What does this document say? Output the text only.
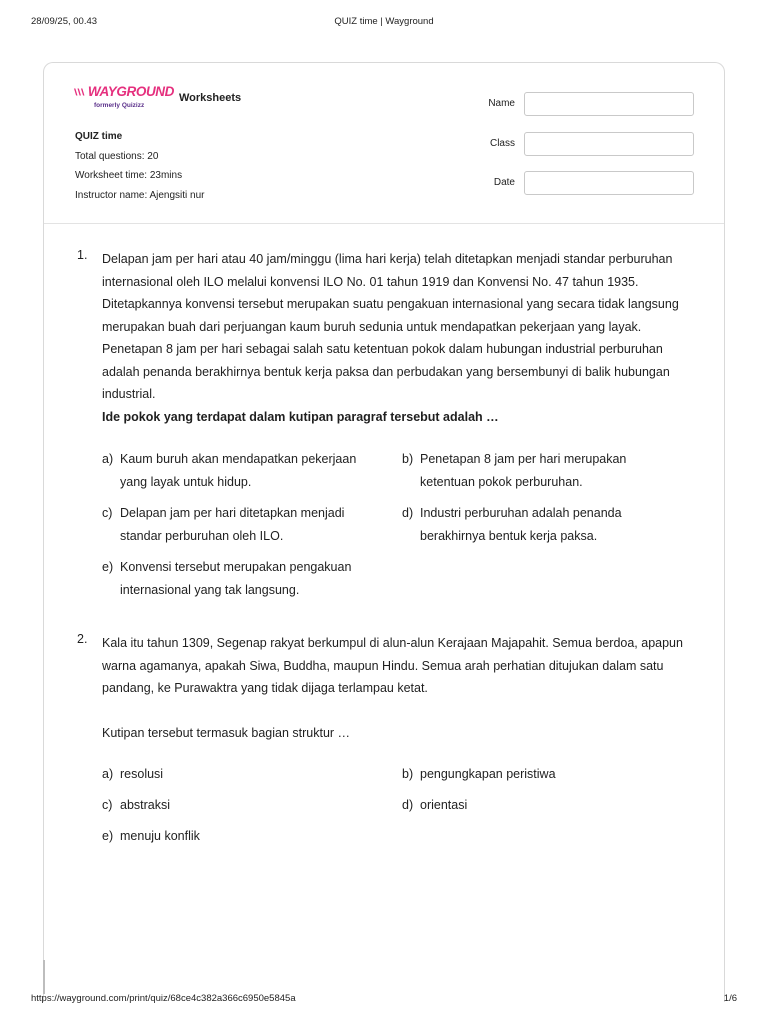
28/09/25, 00.43	QUIZ time | Wayground
WAYGROUND
formerly Quizizz
Worksheets
QUIZ time
Total questions: 20
Worksheet time: 23mins
Instructor name: Ajengsiti nur
Name
Class
Date
1. Delapan jam per hari atau 40 jam/minggu (lima hari kerja) telah ditetapkan menjadi standar perburuhan internasional oleh ILO melalui konvensi ILO No. 01 tahun 1919 dan Konvensi No. 47 tahun 1935. Ditetapkannya konvensi tersebut merupakan suatu pengakuan internasional yang secara tidak langsung merupakan buah dari perjuangan kaum buruh sedunia untuk mendapatkan pekerjaan yang layak. Penetapan 8 jam per hari sebagai salah satu ketentuan pokok dalam hubungan industrial perburuhan adalah penanda berakhirnya bentuk kerja paksa dan perbudakan yang bersembunyi di balik hubungan industrial.
Ide pokok yang terdapat dalam kutipan paragraf tersebut adalah …
a) Kaum buruh akan mendapatkan pekerjaan yang layak untuk hidup.
b) Penetapan 8 jam per hari merupakan ketentuan pokok perburuhan.
c) Delapan jam per hari ditetapkan menjadi standar perburuhan oleh ILO.
d) Industri perburuhan adalah penanda berakhirnya bentuk kerja paksa.
e) Konvensi tersebut merupakan pengakuan internasional yang tak langsung.
2. Kala itu tahun 1309, Segenap rakyat berkumpul di alun-alun Kerajaan Majapahit. Semua berdoa, apapun warna agamanya, apakah Siwa, Buddha, maupun Hindu. Semua arah perhatian ditujukan dalam satu pandang, ke Purawaktra yang tidak dijaga terlampau ketat.
Kutipan tersebut termasuk bagian struktur …
a) resolusi	b) pengungkapan peristiwa
c) abstraksi	d) orientasi
e) menuju konflik
https://wayground.com/print/quiz/68ce4c382a366c6950e5845a	1/6
